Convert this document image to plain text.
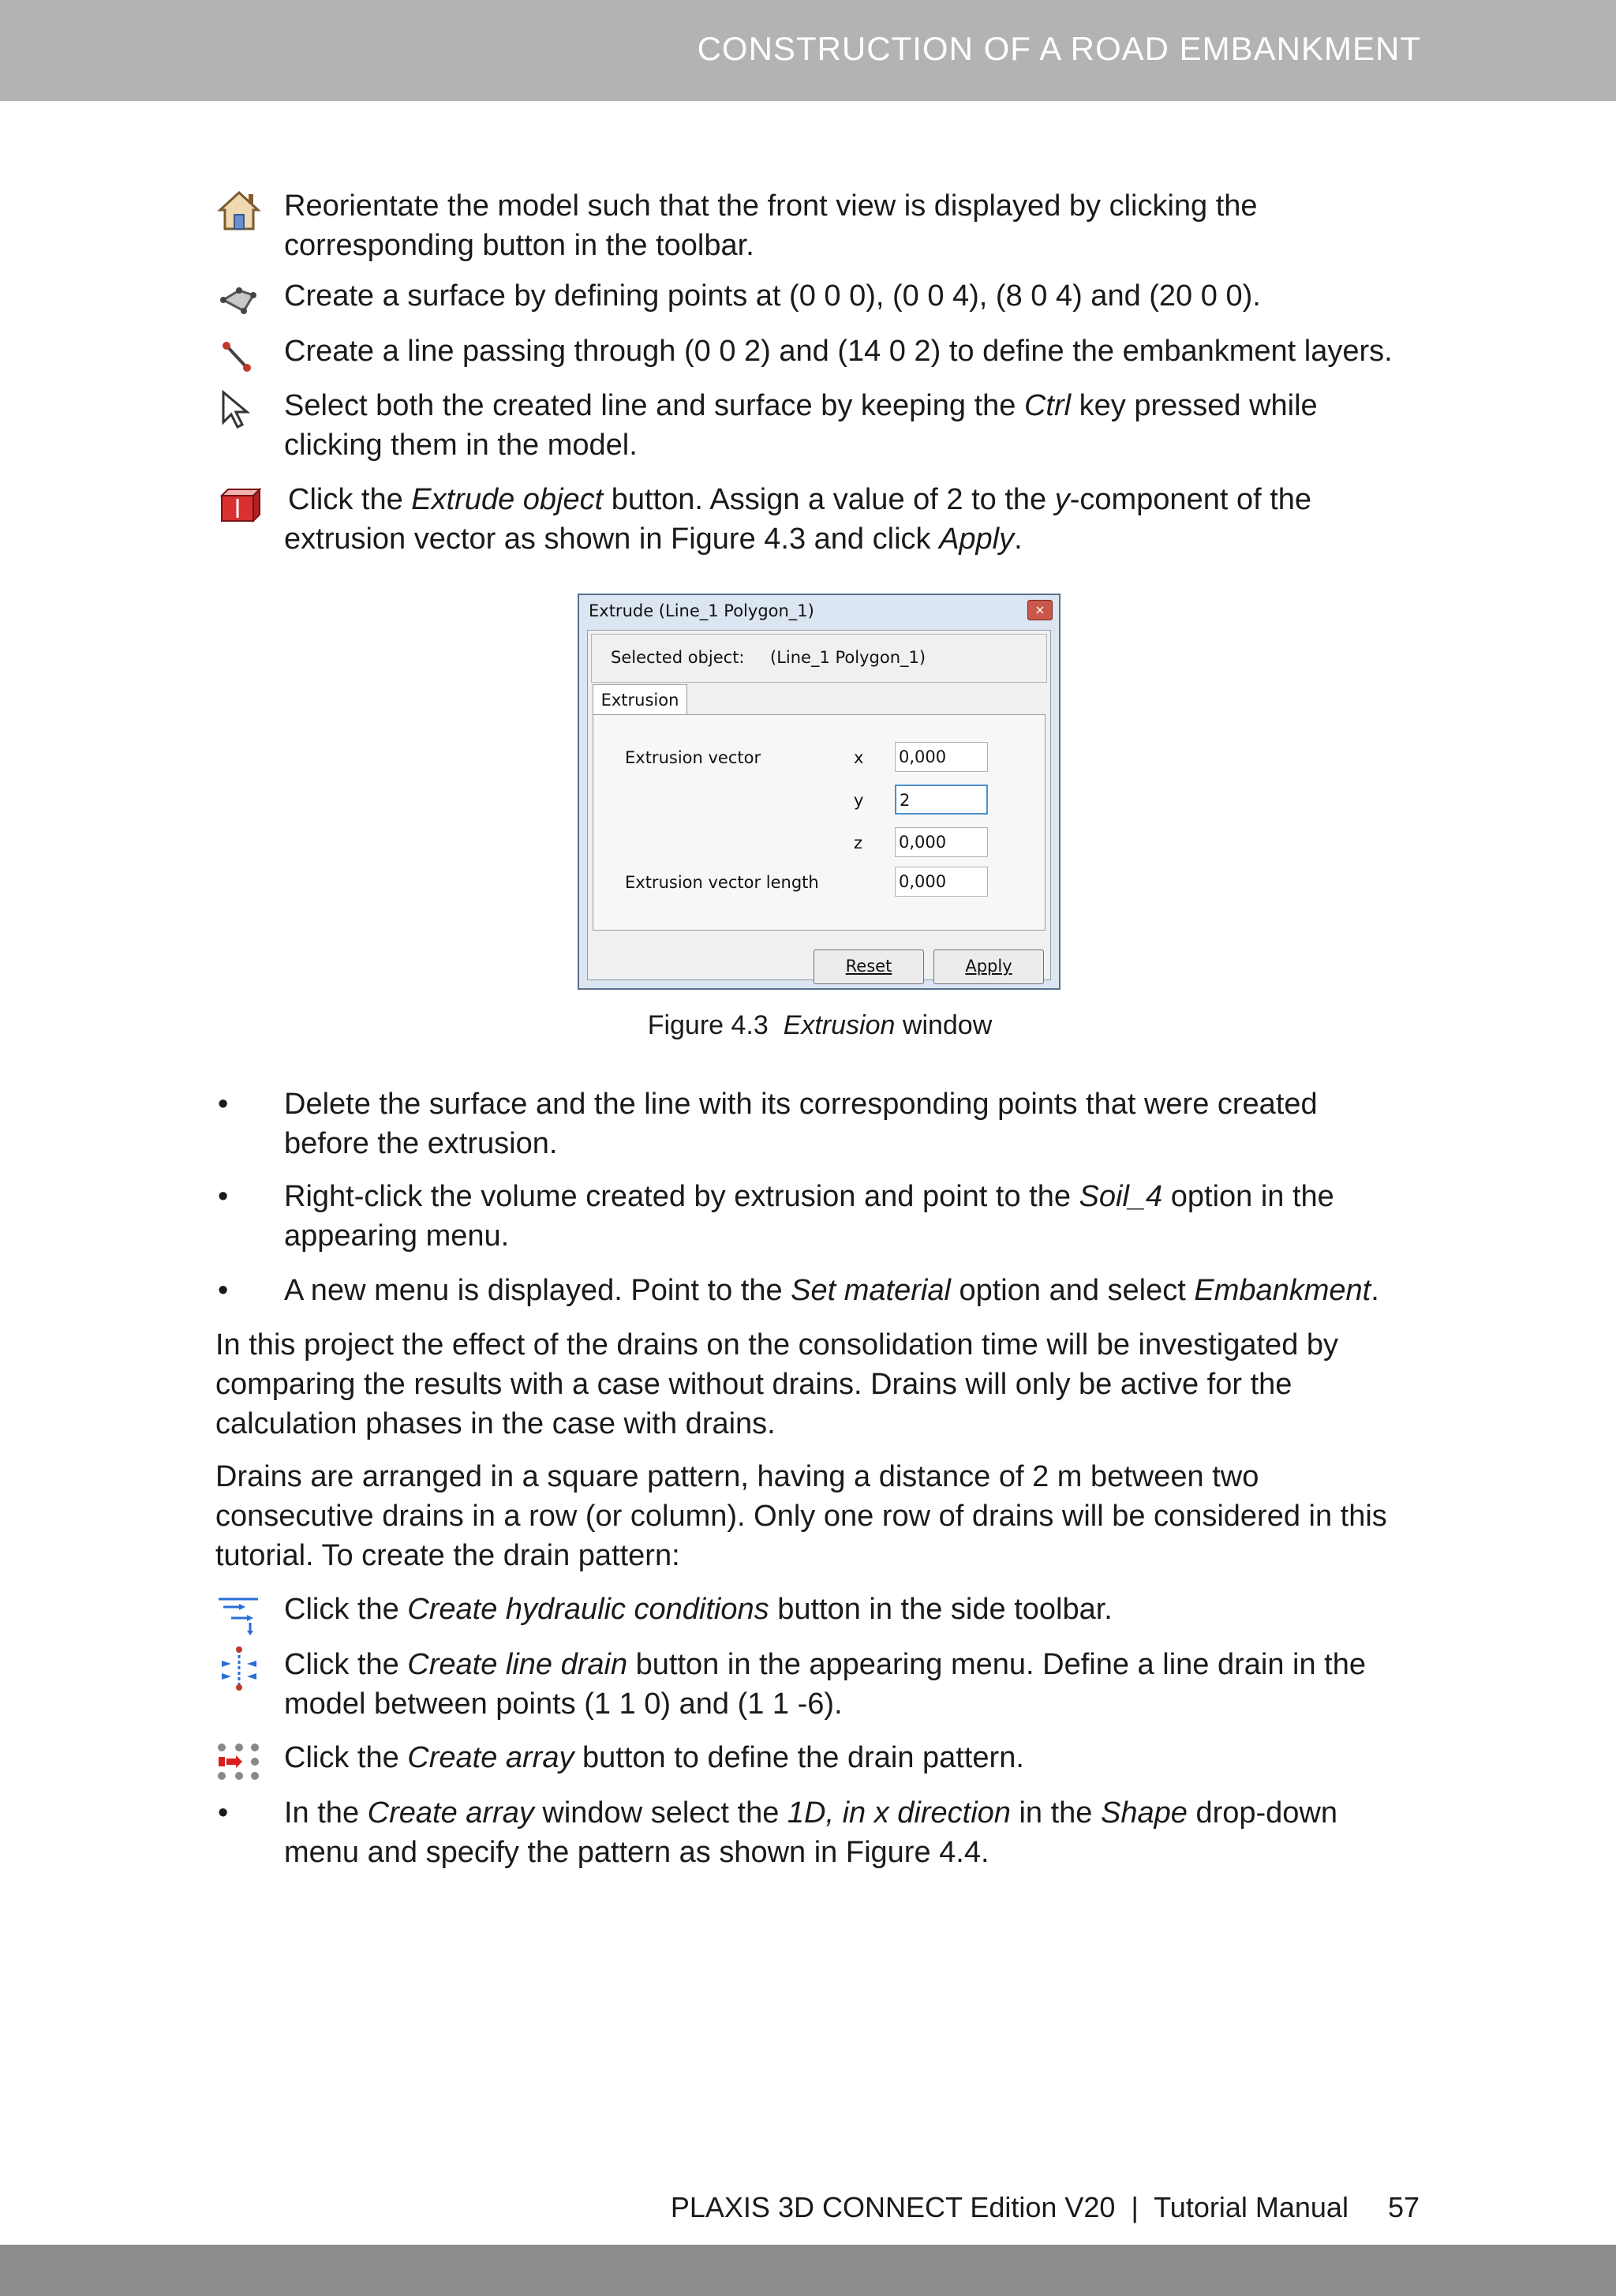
CONSTRUCTION OF A ROAD EMBANKMENT
Reorientate the model such that the front view is displayed by clicking the
corresponding button in the toolbar.
Create a surface by defining points at (0 0 0), (0 0 4), (8 0 4) and (20 0 0).
Create a line passing through (0 0 2) and (14 0 2) to define the embankment layers.
Select both the created line and surface by keeping the Ctrl key pressed while
clicking them in the model.
Click the Extrude object button. Assign a value of 2 to the y-component of the
extrusion vector as shown in Figure 4.3 and click Apply.
Extrude (Line_1 Polygon_1)	×
Selected object: (Line_1 Polygon_1)
Extrusion
Extrusion vector	x 0,000
y 2
z 0,000
Extrusion vector length	0,000
Reset	Apply
Figure 4.3 Extrusion window
• Delete the surface and the line with its corresponding points that were created
before the extrusion.
• Right-click the volume created by extrusion and point to the Soil_4 option in the
appearing menu.
• A new menu is displayed. Point to the Set material option and select Embankment.
In this project the effect of the drains on the consolidation time will be investigated by
comparing the results with a case without drains. Drains will only be active for the
calculation phases in the case with drains.
Drains are arranged in a square pattern, having a distance of 2 m between two
consecutive drains in a row (or column). Only one row of drains will be considered in this
tutorial. To create the drain pattern:
Click the Create hydraulic conditions button in the side toolbar.
Click the Create line drain button in the appearing menu. Define a line drain in the
model between points (1 1 0) and (1 1 -6).
Click the Create array button to define the drain pattern.
• In the Create array window select the 1D, in x direction in the Shape drop-down
menu and specify the pattern as shown in Figure 4.4.
PLAXIS 3D CONNECT Edition V20  |  Tutorial Manual     57
